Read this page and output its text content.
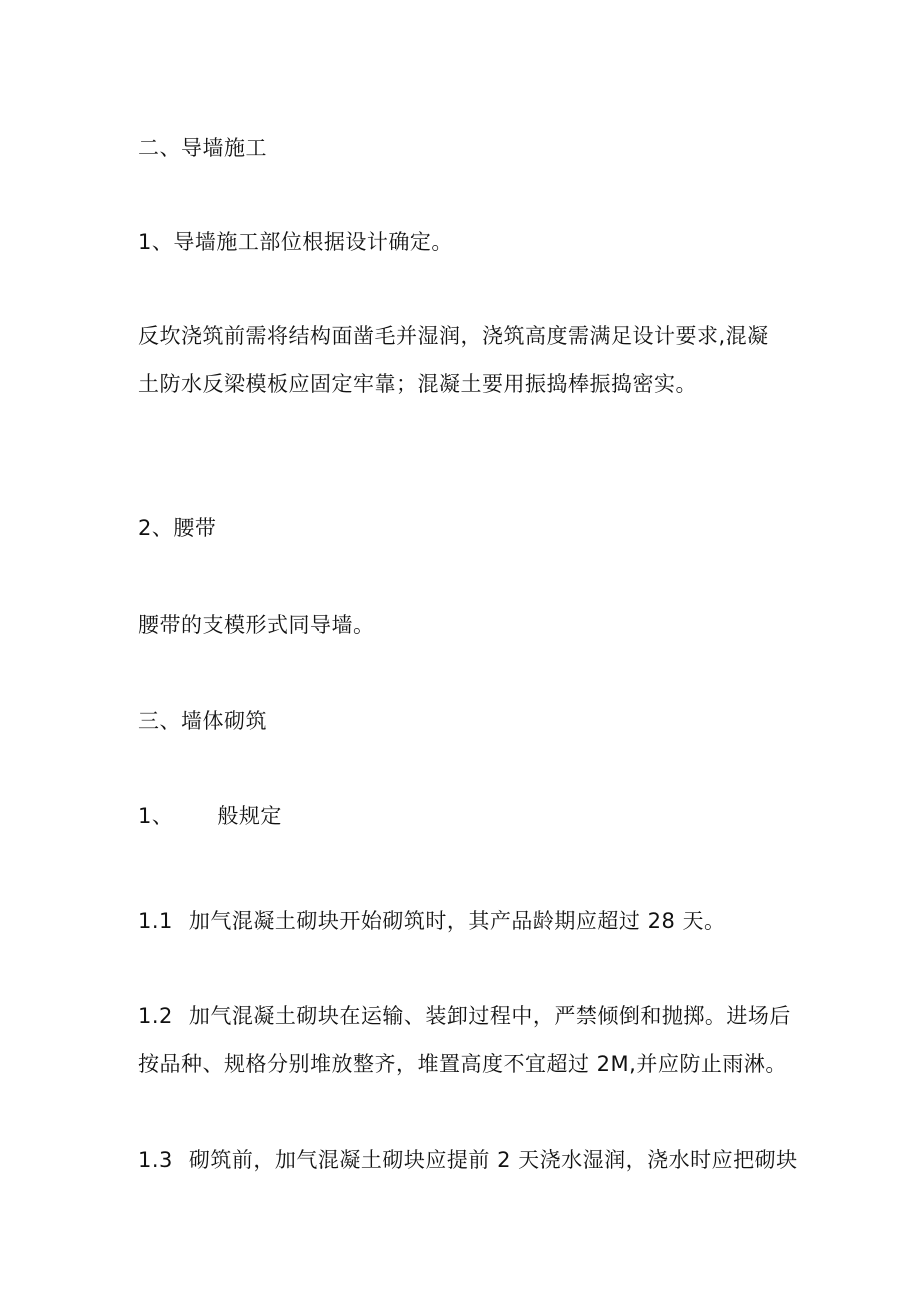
二、导墙施工
1、导墙施工部位根据设计确定。
反坎浇筑前需将结构面凿毛并湿润，浇筑高度需满足设计要求,混凝
土防水反梁模板应固定牢靠；混凝土要用振捣棒振捣密实。
2、腰带
腰带的支模形式同导墙。
三、墙体砌筑
1、 般规定
1.1 加气混凝土砌块开始砌筑时，其产品龄期应超过 28 天。
1.2 加气混凝土砌块在运输、装卸过程中，严禁倾倒和抛掷。进场后
按品种、规格分别堆放整齐，堆置高度不宜超过 2M,并应防止雨淋。
1.3 砌筑前，加气混凝土砌块应提前 2 天浇水湿润，浇水时应把砌块
